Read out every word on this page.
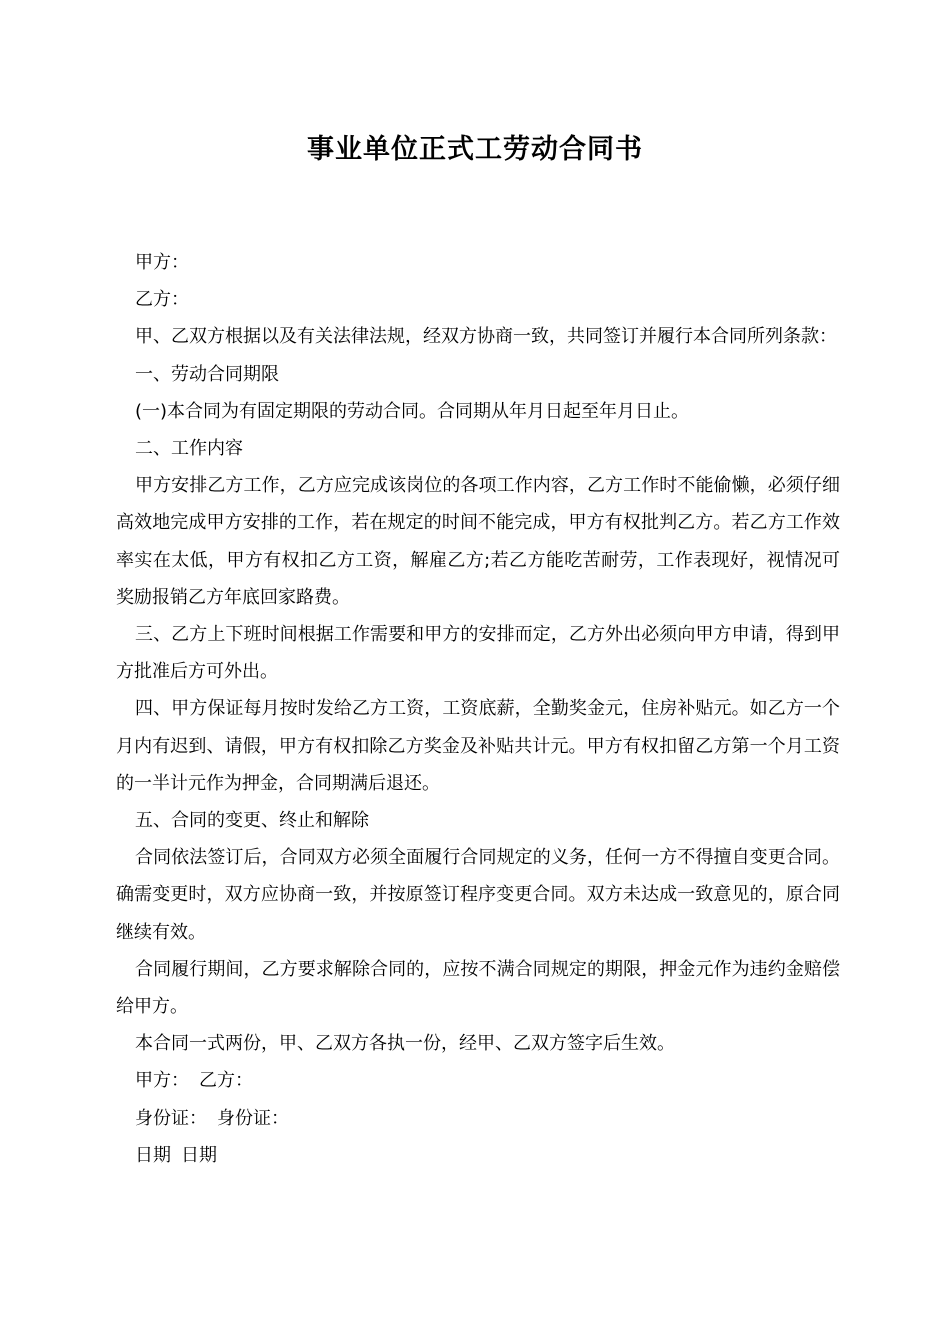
事业单位正式工劳动合同书

甲方：

乙方：

甲、乙双方根据以及有关法律法规，经双方协商一致，共同签订并履行本合同所列条款：

一、劳动合同期限

(一)本合同为有固定期限的劳动合同。合同期从年月日起至年月日止。

二、工作内容

甲方安排乙方工作，乙方应完成该岗位的各项工作内容，乙方工作时不能偷懒，必须仔细高效地完成甲方安排的工作，若在规定的时间不能完成，甲方有权批判乙方。若乙方工作效率实在太低，甲方有权扣乙方工资，解雇乙方;若乙方能吃苦耐劳，工作表现好，视情况可奖励报销乙方年底回家路费。

三、乙方上下班时间根据工作需要和甲方的安排而定，乙方外出必须向甲方申请，得到甲方批准后方可外出。

四、甲方保证每月按时发给乙方工资，工资底薪，全勤奖金元，住房补贴元。如乙方一个月内有迟到、请假，甲方有权扣除乙方奖金及补贴共计元。甲方有权扣留乙方第一个月工资的一半计元作为押金，合同期满后退还。

五、合同的变更、终止和解除

合同依法签订后，合同双方必须全面履行合同规定的义务，任何一方不得擅自变更合同。确需变更时，双方应协商一致，并按原签订程序变更合同。双方未达成一致意见的，原合同继续有效。

合同履行期间，乙方要求解除合同的，应按不满合同规定的期限，押金元作为违约金赔偿给甲方。

本合同一式两份，甲、乙双方各执一份，经甲、乙双方签字后生效。

甲方： 乙方：

身份证： 身份证：

日期 日期
